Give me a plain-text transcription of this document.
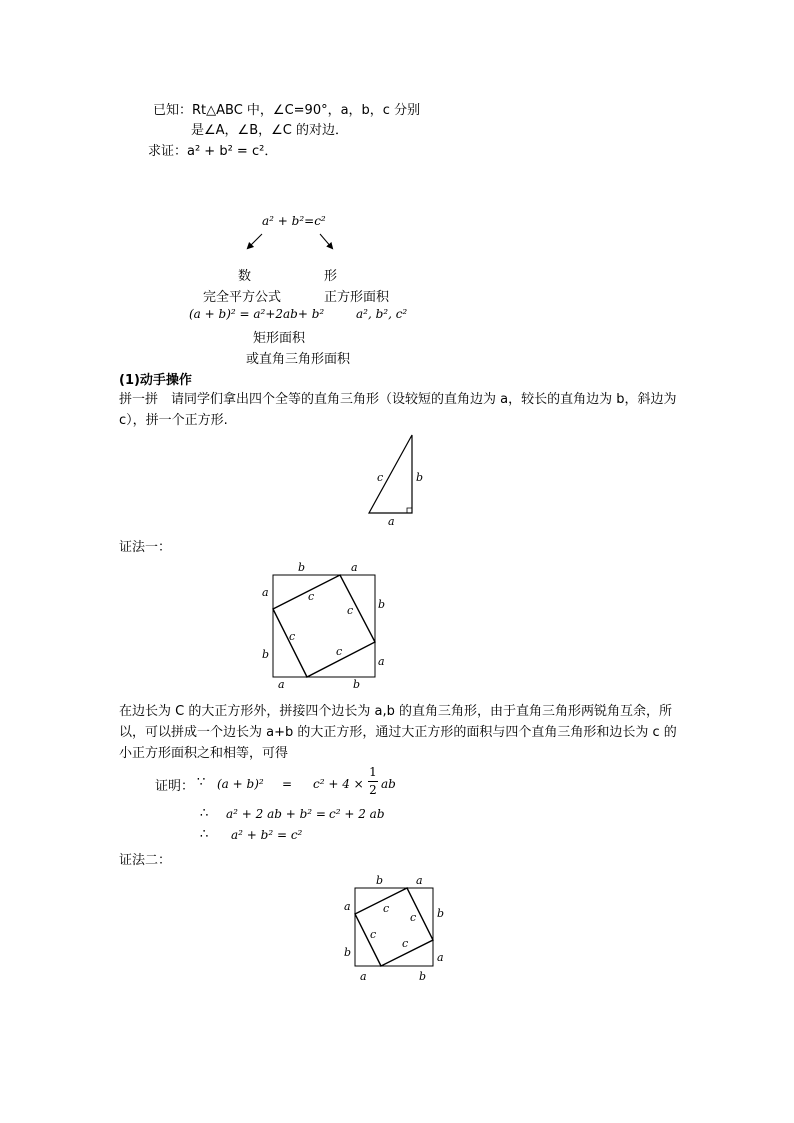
已知：Rt△ABC 中，∠C=90°，a，b，c 分别
是∠A，∠B，∠C 的对边．
求证：a² + b² = c²．
a² + b²=c²
数	形
完全平方公式	正方形面积
(a + b)² = a²+2ab+ b²	a², b², c²
矩形面积
或直角三角形面积
(1)动手操作
拼一拼　请同学们拿出四个全等的直角三角形（设较短的直角边为 a，较长的直角边为 b，斜边为 c），拼一个正方形.
c	b
a
证法一：
b	a
a
b
b
a
a	b
c
c
c
c
在边长为 C 的大正方形外，拼接四个边长为 a,b 的直角三角形，由于直角三角形两锐角互余，所以，可以拼成一个边长为 a+b 的大正方形，通过大正方形的面积与四个直角三角形和边长为 c 的小正方形面积之和相等，可得
证明： ∵ (a + b)² = c² + 4 ×
1
2 ab
∴ a² + 2 ab + b² = c² + 2 ab
∴ a² + b² = c²
证法二：
b	a
a
b
b	a
a	b
c
c
c
c
